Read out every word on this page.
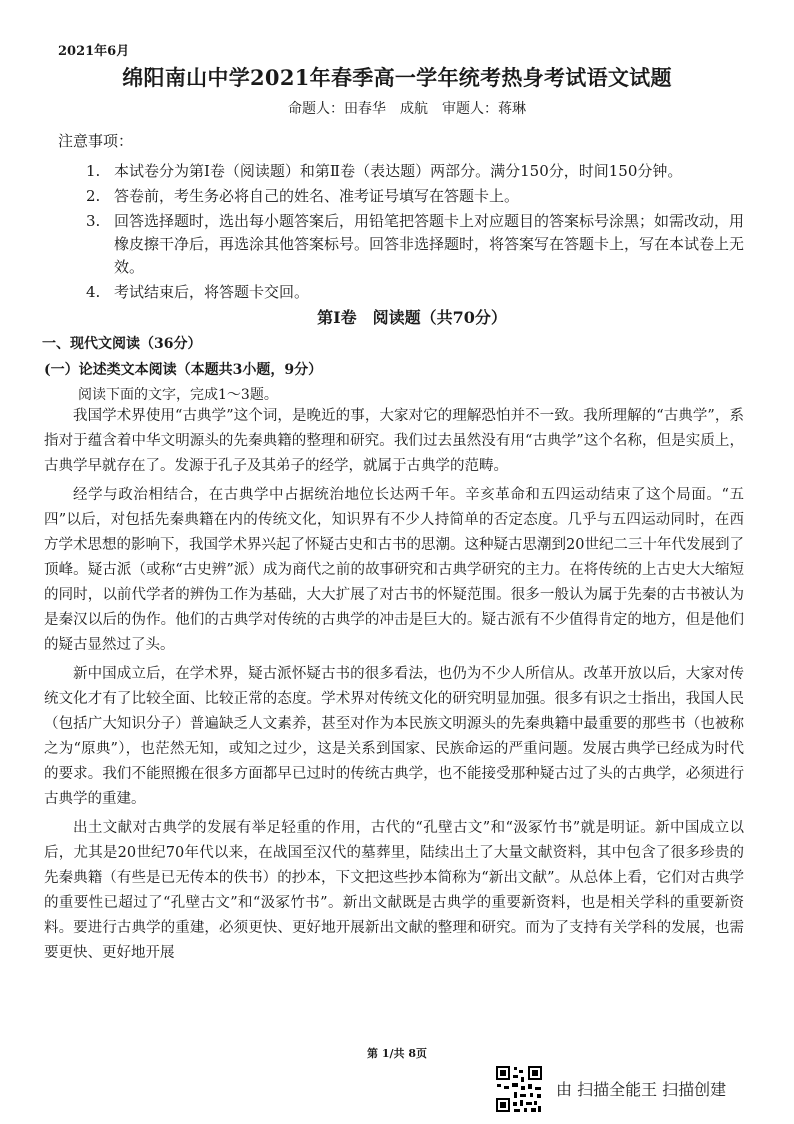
2021年6月
绵阳南山中学2021年春季高一学年统考热身考试语文试题
命题人：田春华　成航　审题人：蒋琳
注意事项：
1. 本试卷分为第Ⅰ卷（阅读题）和第Ⅱ卷（表达题）两部分。满分150分，时间150分钟。
2. 答卷前，考生务必将自己的姓名、准考证号填写在答题卡上。
3. 回答选择题时，选出每小题答案后，用铅笔把答题卡上对应题目的答案标号涂黑；如需改动，用橡皮擦干净后，再选涂其他答案标号。回答非选择题时，将答案写在答题卡上，写在本试卷上无效。
4. 考试结束后，将答题卡交回。
第Ⅰ卷　阅读题（共70分）
一、现代文阅读（36分）
(一）论述类文本阅读（本题共3小题，9分）
阅读下面的文字，完成1～3题。

我国学术界使用“古典学”这个词，是晚近的事，大家对它的理解恐怕并不一致。我所理解的“古典学”，系指对于蕴含着中华文明源头的先秦典籍的整理和研究。我们过去虽然没有用“古典学”这个名称，但是实质上，古典学早就存在了。发源于孔子及其弟子的经学，就属于古典学的范畴。

经学与政治相结合，在古典学中占据统治地位长达两千年。辛亥革命和五四运动结束了这个局面。“五四”以后，对包括先秦典籍在内的传统文化，知识界有不少人持简单的否定态度。几乎与五四运动同时，在西方学术思想的影响下，我国学术界兴起了怀疑古史和古书的思潮。这种疑古思潮到20世纪二三十年代发展到了顶峰。疑古派（或称“古史辨”派）成为商代之前的故事研究和古典学研究的主力。在将传统的上古史大大缩短的同时，以前代学者的辨伪工作为基础，大大扩展了对古书的怀疑范围。很多一般认为属于先秦的古书被认为是秦汉以后的伪作。他们的古典学对传统的古典学的冲击是巨大的。疑古派有不少值得肯定的地方，但是他们的疑古显然过了头。

新中国成立后，在学术界，疑古派怀疑古书的很多看法，也仍为不少人所信从。改革开放以后，大家对传统文化才有了比较全面、比较正常的态度。学术界对传统文化的研究明显加强。很多有识之士指出，我国人民（包括广大知识分子）普遍缺乏人文素养，甚至对作为本民族文明源头的先秦典籍中最重要的那些书（也被称之为“原典”），也茫然无知，或知之过少，这是关系到国家、民族命运的严重问题。发展古典学已经成为时代的要求。我们不能照搬在很多方面都早已过时的传统古典学，也不能接受那种疑古过了头的古典学，必须进行古典学的重建。

出土文献对古典学的发展有举足轻重的作用，古代的“孔壁古文”和“汲冢竹书”就是明证。新中国成立以后，尤其是20世纪70年代以来，在战国至汉代的墓葬里，陆续出土了大量文献资料，其中包含了很多珍贵的先秦典籍（有些是已无传本的佚书）的抄本，下文把这些抄本简称为“新出文献”。从总体上看，它们对古典学的重要性已超过了“孔壁古文”和“汲冢竹书”。新出文献既是古典学的重要新资料，也是相关学科的重要新资料。要进行古典学的重建，必须更快、更好地开展新出文献的整理和研究。而为了支持有关学科的发展，也需要更快、更好地开展

第 1/共 8页
由 扫描全能王 扫描创建
